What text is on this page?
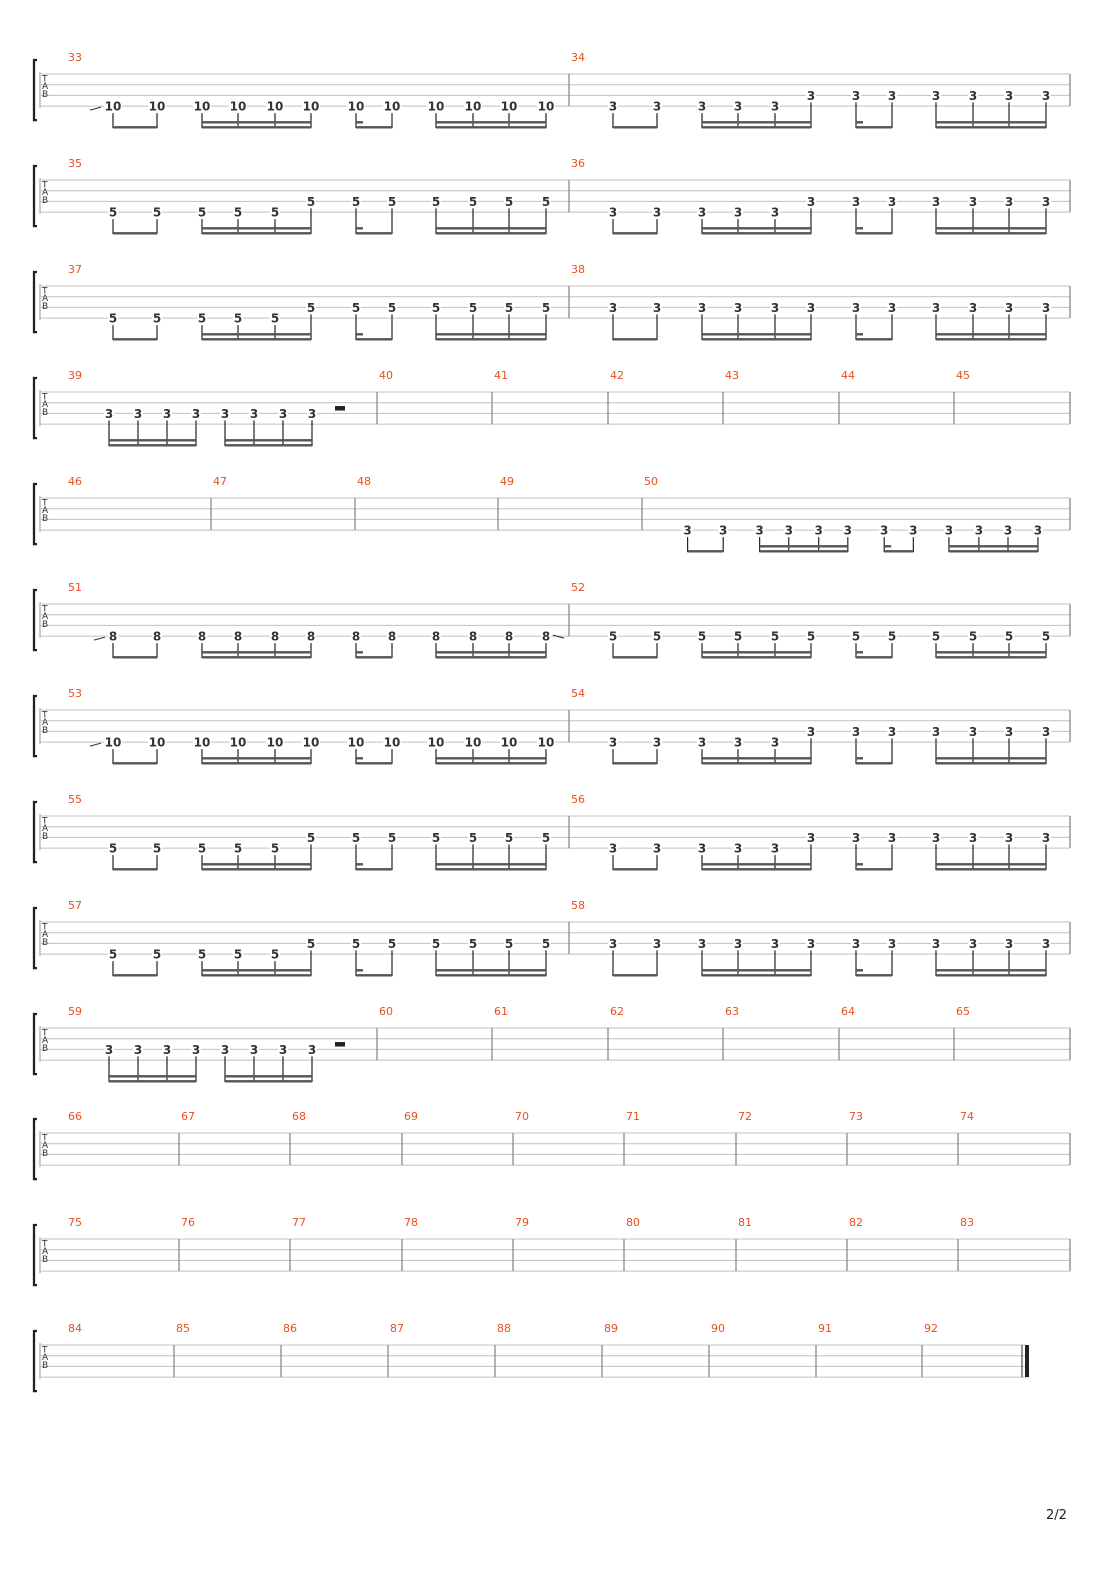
T
A
B
33
10 10 10 10 10 10 10 10 10 10 10 10
34
3	3	3 3 3
3	3 3	3 3 3 3
T
A
B
35
5	5	5 5 5
5	5 5	5 5 5 5
36
3	3	3 3 3
3	3 3	3 3 3 3
T
A
B
37
5	5	5 5 5
5	5 5	5 5 5 5
38
3	3	3 3 3 3	3 3	3 3 3 3
T
A
B
39
3 3 3 3 3 3 3 3
40	41	42	43	44	45
T
A
B
46	47	48	49	50
3 3 3 3 3 3 3 3 3 3 3 3
T
A
B
51
8	8	8 8 8 8	8 8	8 8 8 8
52
5	5	5 5 5 5	5 5	5 5 5 5
T
A
B
53
10 10 10 10 10 10 10 10 10 10 10 10
54
3	3	3 3 3
3	3 3	3 3 3 3
T
A
B
55
5	5	5 5 5
5	5 5	5 5 5 5
56
3	3	3 3 3
3	3 3	3 3 3 3
T
A
B
57
5	5	5 5 5
5	5 5	5 5 5 5
58
3	3	3 3 3 3	3 3	3 3 3 3
T
A
B
59
3 3 3 3 3 3 3 3
60	61	62	63	64	65
T
A
B
66	67	68	69	70	71	72	73	74
T
A
B
75	76	77	78	79	80	81	82	83
T
A
B
84	85	86	87	88	89	90	91	92
2/2
